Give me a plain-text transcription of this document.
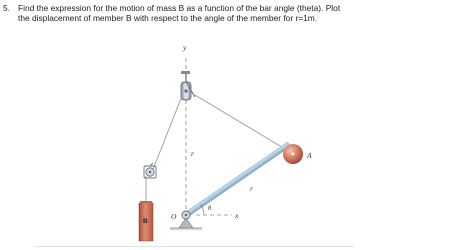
5. Find the expression for the motion of mass B as a function of the bar angle (theta). Plot
the displacement of member B with respect to the angle of the member for r=1m.
y
x
r
B
r
θ
A
O
